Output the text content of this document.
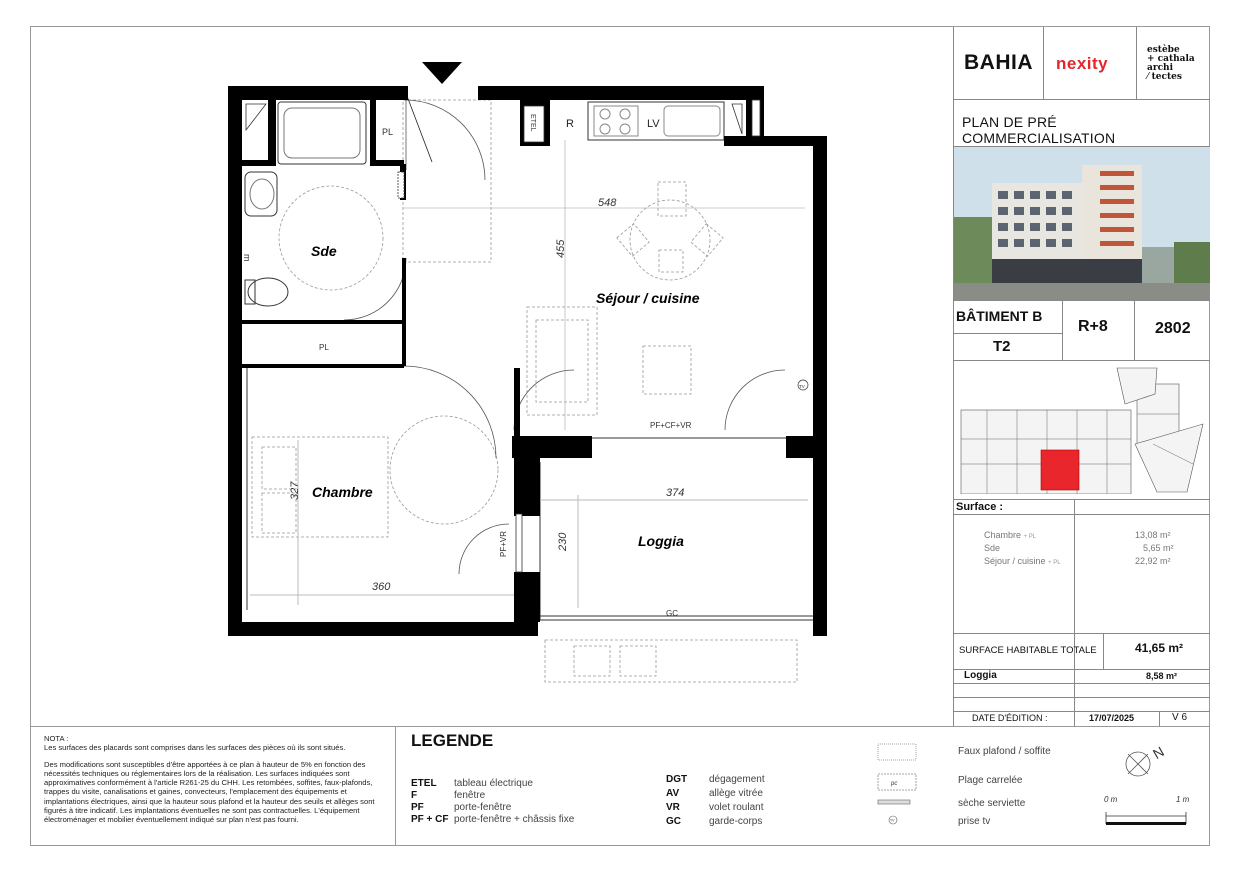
Sde
Séjour / cuisine
Chambre
Loggia
548
455
327
360
374
230
PL
PL
ETEL	R	LV
PF+CF+VR
PF+VR
GC
TV
m
BAHIA nexity
estèbe
+ cathala
archi
⁄ tectes
PLAN DE PRÉ COMMERCIALISATION
BÂTIMENT B
T2
R+8	2802
Surface :
Chambre + PL	13,08 m²
Sde	5,65 m²
Séjour / cuisine + PL	22,92 m²
SURFACE HABITABLE TOTALE	41,65 m²
Loggia	8,58 m²
DATE D'ÉDITION :	17/07/2025	V 6
NOTA :
Les surfaces des placards sont comprises dans les surfaces des pièces où ils sont situés.
Des modifications sont susceptibles d'être apportées à ce plan à hauteur de 5% en fonction des nécessités techniques ou réglementaires lors de la réalisation. Les surfaces indiquées sont approximatives conformément à l'article R261-25 du CHH. Les retombées, soffites, faux-plafonds, trappes du visite, canalisations et gaines, convecteurs, l'emplacement des équipements et implantations électriques, ainsi que la hauteur sous plafond et la hauteur des seuils et allèges sont figurés à titre indicatif. Les implantations éventuelles ne sont pas contractuelles. L'équipement électroménager et mobilier éventuellement indiqué sur plan n'est pas fourni.
LEGENDE
ETEL tableau électrique
F	fenêtre
PF	porte-fenêtre
PF + CF porte-fenêtre + châssis fixe
DGT dégagement
AV	allège vitrée
VR	volet roulant
GC	garde-corps
pc
TV
Faux plafond / soffite
Plage carrelée
sèche serviette
prise tv
N
0 m	1 m
